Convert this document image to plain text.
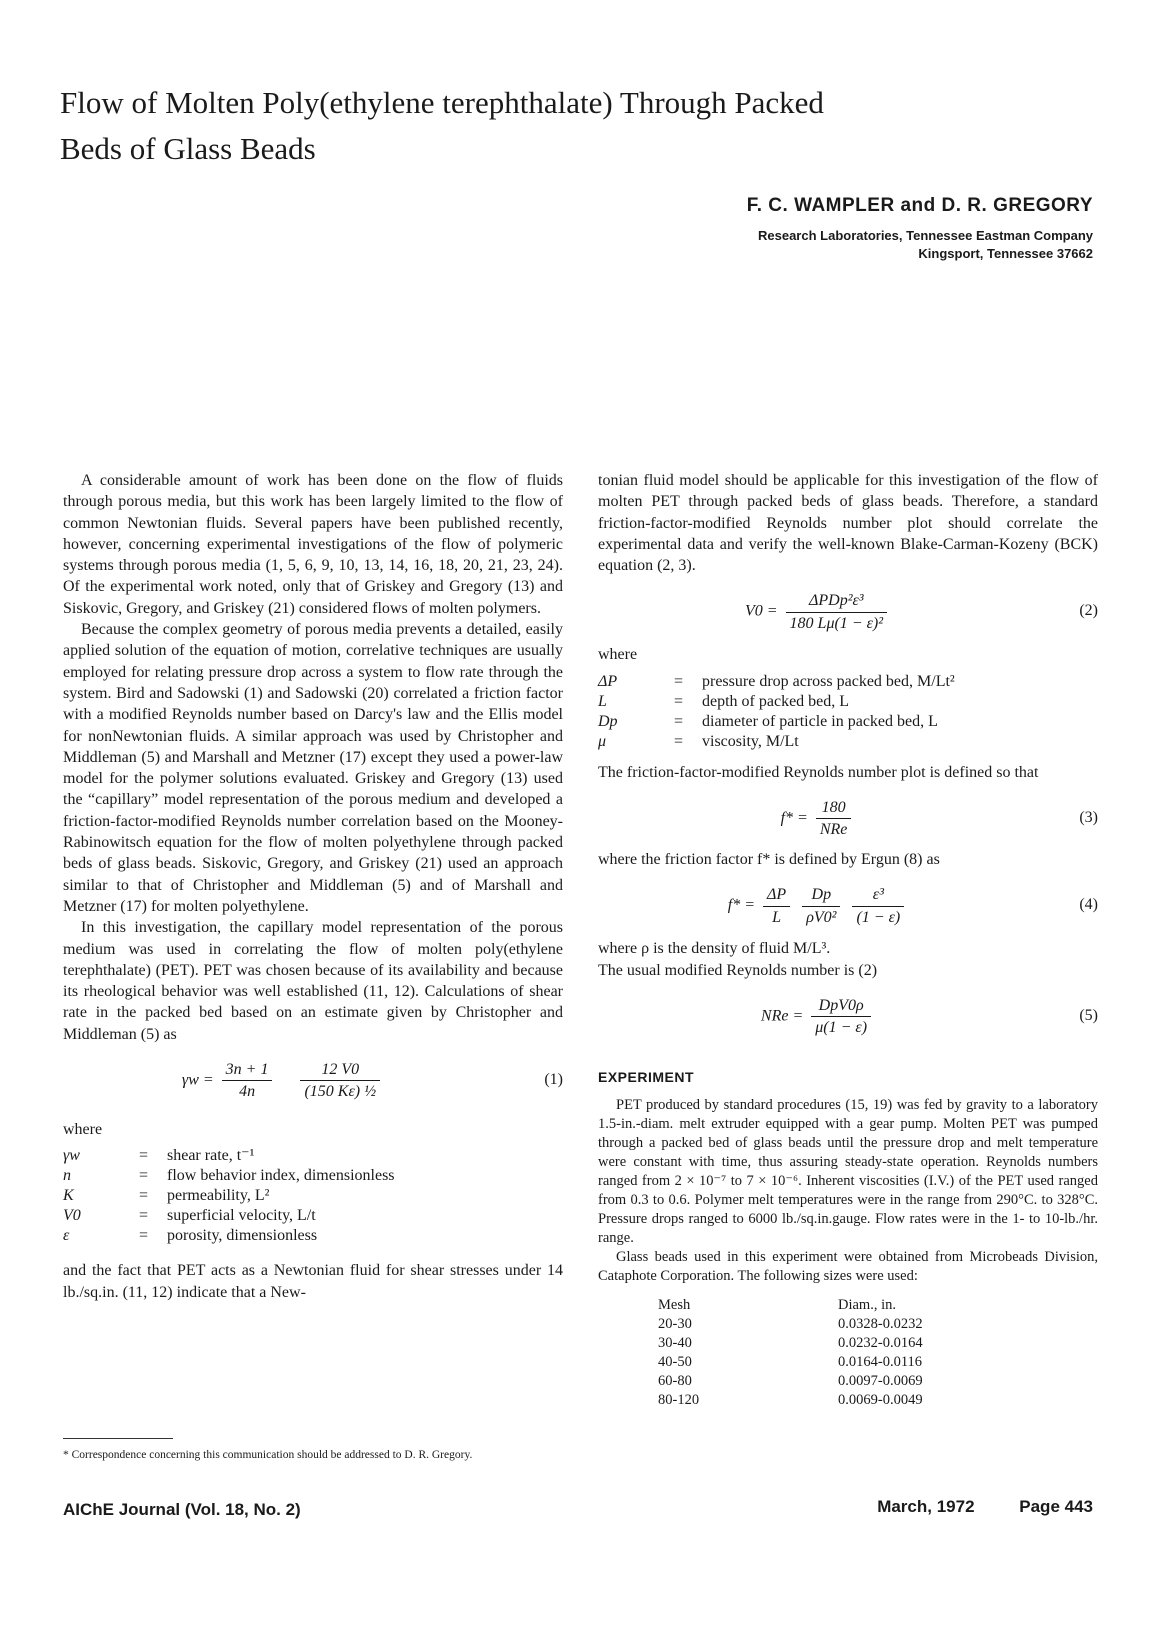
Flow of Molten Poly(ethylene terephthalate) Through Packed Beds of Glass Beads
F. C. WAMPLER and D. R. GREGORY
Research Laboratories, Tennessee Eastman Company
Kingsport, Tennessee 37662

A considerable amount of work has been done on the flow of fluids through porous media, but this work has been largely limited to the flow of common Newtonian fluids. Several papers have been published recently, however, concerning experimental investigations of the flow of polymeric systems through porous media (1, 5, 6, 9, 10, 13, 14, 16, 18, 20, 21, 23, 24). Of the experimental work noted, only that of Griskey and Gregory (13) and Siskovic, Gregory, and Griskey (21) considered flows of molten polymers.

Because the complex geometry of porous media prevents a detailed, easily applied solution of the equation of motion, correlative techniques are usually employed for relating pressure drop across a system to flow rate through the system. Bird and Sadowski (1) and Sadowski (20) correlated a friction factor with a modified Reynolds number based on Darcy's law and the Ellis model for nonNewtonian fluids. A similar approach was used by Christopher and Middleman (5) and Marshall and Metzner (17) except they used a power-law model for the polymer solutions evaluated. Griskey and Gregory (13) used the “capillary” model representation of the porous medium and developed a friction-factor-modified Reynolds number correlation based on the Mooney-Rabinowitsch equation for the flow of molten polyethylene through packed beds of glass beads. Siskovic, Gregory, and Griskey (21) used an approach similar to that of Christopher and Middleman (5) and of Marshall and Metzner (17) for molten polyethylene.

In this investigation, the capillary model representation of the porous medium was used in correlating the flow of molten poly(ethylene terephthalate) (PET). PET was chosen because of its availability and because its rheological behavior was well established (11, 12). Calculations of shear rate in the packed bed based on an estimate given by Christopher and Middleman (5) as

$\gamma w = \frac{3n + 1}{4n}$
$\frac{12 V0}{\text{(150 Kε) ½}}$	(1)

where

γw	=	shear rate, t⁻¹
n	=	flow behavior index, dimensionless
K	=	permeability, L²
V0	=	superficial velocity, L/t
ε	=	porosity, dimensionless

and the fact that PET acts as a Newtonian fluid for shear stresses under 14 lb./sq.in. (11, 12) indicate that a New-

* Correspondence concerning this communication should be addressed to D. R. Gregory.

tonian fluid model should be applicable for this investigation of the flow of molten PET through packed beds of glass beads. Therefore, a standard friction-factor-modified Reynolds number plot should correlate the experimental data and verify the well-known Blake-Carman-Kozeny (BCK) equation (2, 3).

$V0 = \frac{\text{ΔPDp²ε³}}{\text{180 Lμ(1 − ε)²}}$	(2)

where

ΔP	=	pressure drop across packed bed, M/Lt²
L	=	depth of packed bed, L
Dp	=	diameter of particle in packed bed, L
μ	=	viscosity, M/Lt

The friction-factor-modified Reynolds number plot is defined so that

$f* = \frac{180}{\text{NRe}}$	(3)

where the friction factor f* is defined by Ergun (8) as

$f* = \frac{\Delta P}{L}$
$\frac{Dp}{\text{ρV0²}}$
$\frac{\text{ε³}}{(1 - \varepsilon)}$	(4)

where ρ is the density of fluid M/L³.

The usual modified Reynolds number is (2)

NRe = $\frac{\text{DpV0ρ}}{\mu(1 - \varepsilon)}$	(5)
EXPERIMENT

PET produced by standard procedures (15, 19) was fed by gravity to a laboratory 1.5-in.-diam. melt extruder equipped with a gear pump. Molten PET was pumped through a packed bed of glass beads until the pressure drop and melt temperature were constant with time, thus assuring steady-state operation. Reynolds numbers ranged from 2 × 10⁻⁷ to 7 × 10⁻⁶. Inherent viscosities (I.V.) of the PET used ranged from 0.3 to 0.6. Polymer melt temperatures were in the range from 290°C. to 328°C. Pressure drops ranged to 6000 lb./sq.in.gauge. Flow rates were in the 1- to 10-lb./hr. range.

Glass beads used in this experiment were obtained from Microbeads Division, Cataphote Corporation. The following sizes were used:

Mesh	Diam., in.
20-30	0.0328-0.0232
30-40	0.0232-0.0164
40-50	0.0164-0.0116
60-80	0.0097-0.0069
80-120	0.0069-0.0049
AIChE Journal (Vol. 18, No. 2)	March, 1972	Page 443
